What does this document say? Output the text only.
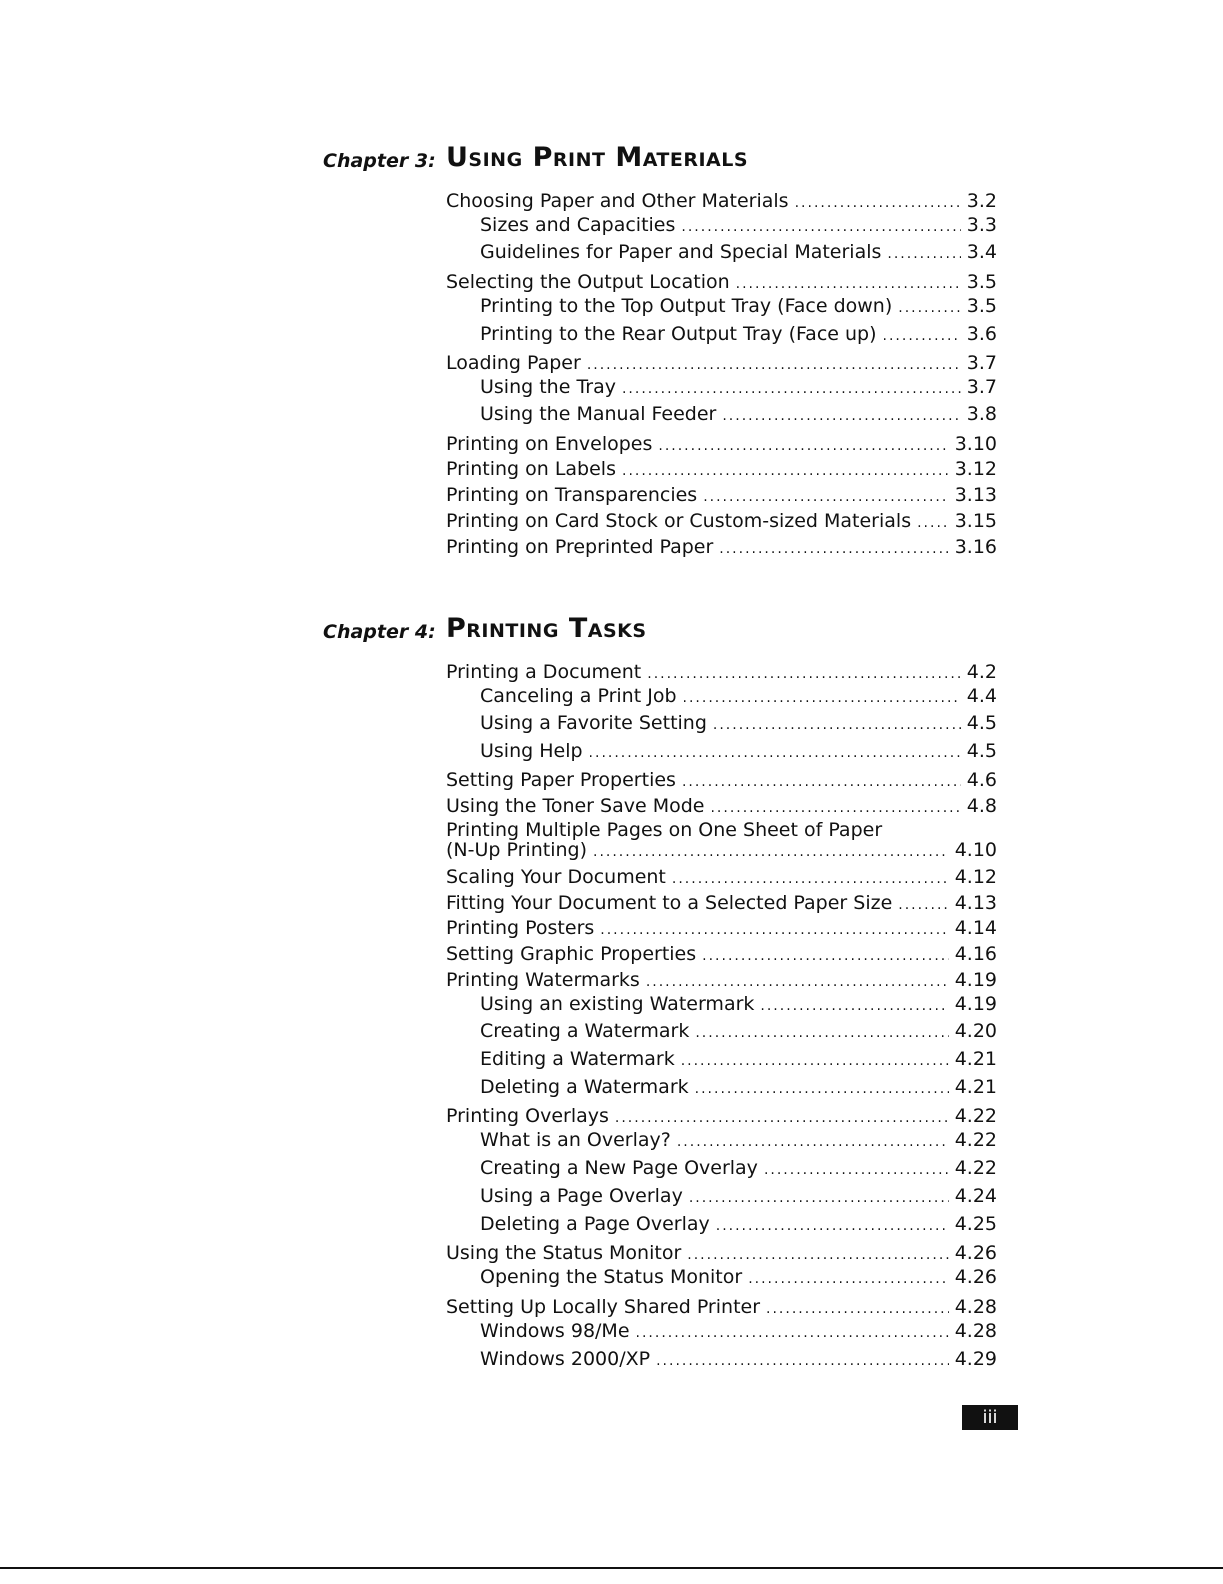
Chapter 3: Using Print Materials
Choosing Paper and Other Materials .....	3.2
Sizes and Capacities .....	3.3
Guidelines for Paper and Special Materials .....	3.4
Selecting the Output Location .....	3.5
Printing to the Top Output Tray (Face down) .....	3.5
Printing to the Rear Output Tray (Face up) .....	3.6
Loading Paper .....	3.7
Using the Tray .....	3.7
Using the Manual Feeder .....	3.8
Printing on Envelopes .....	3.10
Printing on Labels .....	3.12
Printing on Transparencies .....	3.13
Printing on Card Stock or Custom-sized Materials ..... 3.15
Printing on Preprinted Paper .....	3.16
Chapter 4: Printing Tasks
Printing a Document .....	4.2
Canceling a Print Job .....	4.4
Using a Favorite Setting .....	4.5
Using Help .....	4.5
Setting Paper Properties .....	4.6
Using the Toner Save Mode .....	4.8
Printing Multiple Pages on One Sheet of Paper
(N-Up Printing) .....	4.10
Scaling Your Document .....	4.12
Fitting Your Document to a Selected Paper Size .....	4.13
Printing Posters .....	4.14
Setting Graphic Properties .....	4.16
Printing Watermarks .....	4.19
Using an existing Watermark .....	4.19
Creating a Watermark .....	4.20
Editing a Watermark .....	4.21
Deleting a Watermark .....	4.21
Printing Overlays .....	4.22
What is an Overlay? .....	4.22
Creating a New Page Overlay .....	4.22
Using a Page Overlay .....	4.24
Deleting a Page Overlay .....	4.25
Using the Status Monitor .....	4.26
Opening the Status Monitor .....	4.26
Setting Up Locally Shared Printer .....	4.28
Windows 98/Me .....	4.28
Windows 2000/XP .....	4.29
iii
